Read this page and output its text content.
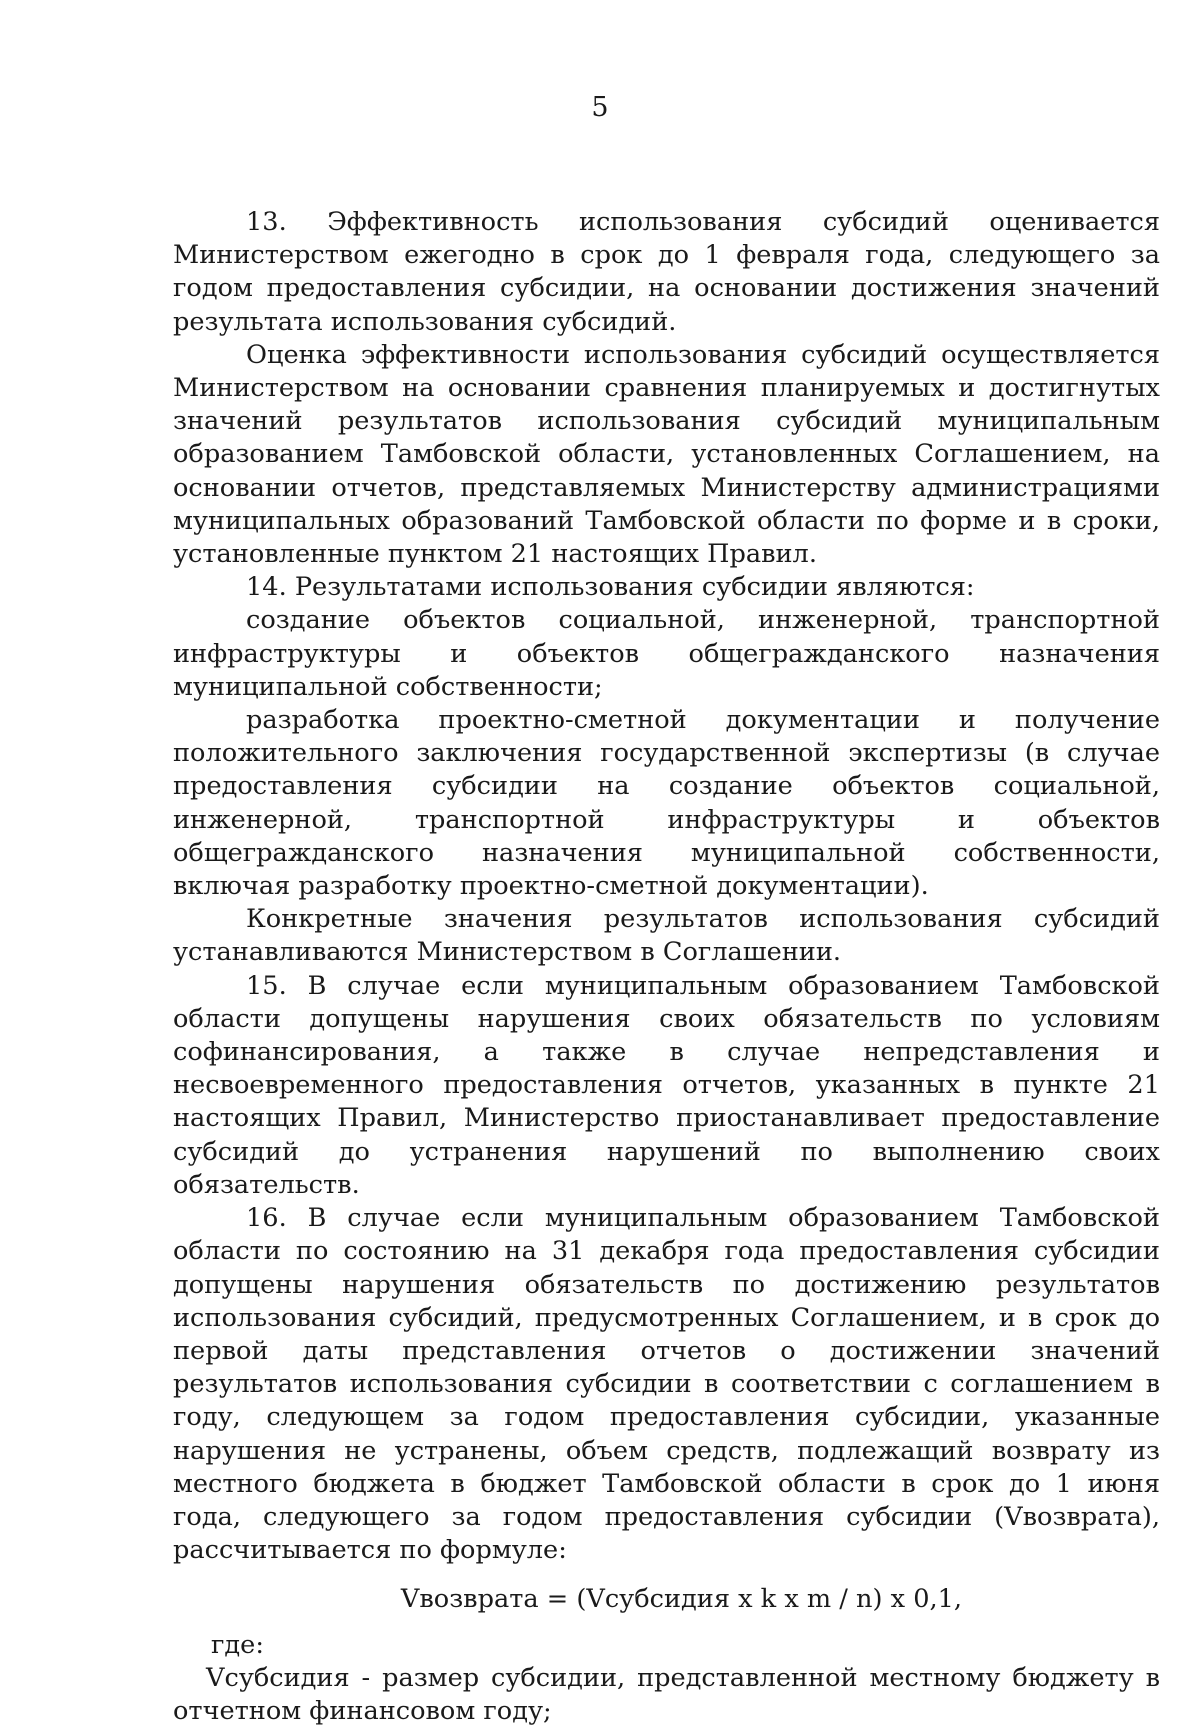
5

13. Эффективность использования субсидий оценивается Министерством ежегодно в срок до 1 февраля года, следующего за годом предоставления субсидии, на основании достижения значений результата использования субсидий.

Оценка эффективности использования субсидий осуществляется Министерством на основании сравнения планируемых и достигнутых значений результатов использования субсидий муниципальным образованием Тамбовской области, установленных Соглашением, на основании отчетов, представляемых Министерству администрациями муниципальных образований Тамбовской области по форме и в сроки, установленные пунктом 21 настоящих Правил.

14. Результатами использования субсидии являются:

создание объектов социальной, инженерной, транспортной инфраструктуры и объектов общегражданского назначения муниципальной собственности;

разработка проектно-сметной документации и получение положительного заключения государственной экспертизы (в случае предоставления субсидии на создание объектов социальной, инженерной, транспортной инфраструктуры и объектов общегражданского назначения муниципальной собственности, включая разработку проектно-сметной документации).

Конкретные значения результатов использования субсидий устанавливаются Министерством в Соглашении.

15. В случае если муниципальным образованием Тамбовской области допущены нарушения своих обязательств по условиям софинансирования, а также в случае непредставления и несвоевременного предоставления отчетов, указанных в пункте 21 настоящих Правил, Министерство приостанавливает предоставление субсидий до устранения нарушений по выполнению своих обязательств.

16. В случае если муниципальным образованием Тамбовской области по состоянию на 31 декабря года предоставления субсидии допущены нарушения обязательств по достижению результатов использования субсидий, предусмотренных Соглашением, и в срок до первой даты представления отчетов о достижении значений результатов использования субсидии в соответствии с соглашением в году, следующем за годом предоставления субсидии, указанные нарушения не устранены, объем средств, подлежащий возврату из местного бюджета в бюджет Тамбовской области в срок до 1 июня года, следующего за годом предоставления субсидии (Vвозврата), рассчитывается по формуле:

Vвозврата = (Vсубсидия x k x m / n) x 0,1,

где:

Vсубсидия - размер субсидии, представленной местному бюджету в отчетном финансовом году;
